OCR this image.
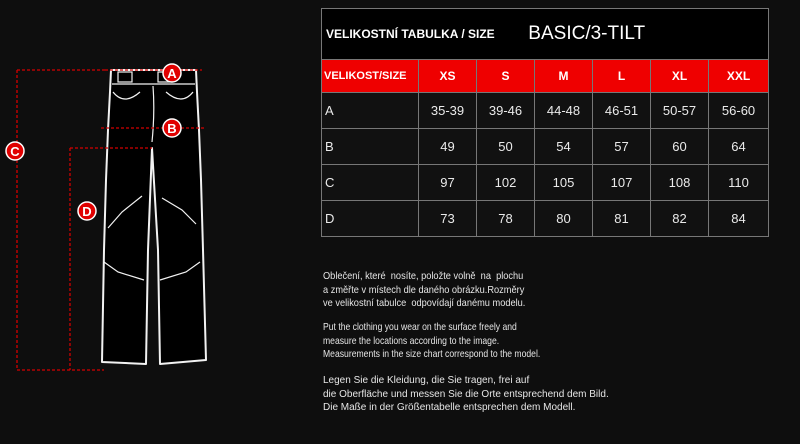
A
B
C
D
VELIKOSTNÍ TABULKA / SIZE BASIC/3-TILT						
VELIKOST/SIZE	XS	S	M	L	XL	XXL
A	35-39	39-46	44-48	46-51	50-57	56-60
B	49	50	54	57	60	64
C	97	102	105	107	108	110
D	73	78	80	81	82	84

Oblečení, které  nosíte, položte volně  na  plochu

a změřte v místech dle daného obrázku.Rozměry

ve velikostní tabulce  odpovídají danému modelu.

Put the clothing you wear on the surface freely and

measure the locations according to the image.

Measurements in the size chart correspond to the model.

Legen Sie die Kleidung, die Sie tragen, frei auf

die Oberfläche und messen Sie die Orte entsprechend dem Bild.

Die Maße in der Größentabelle entsprechen dem Modell.
